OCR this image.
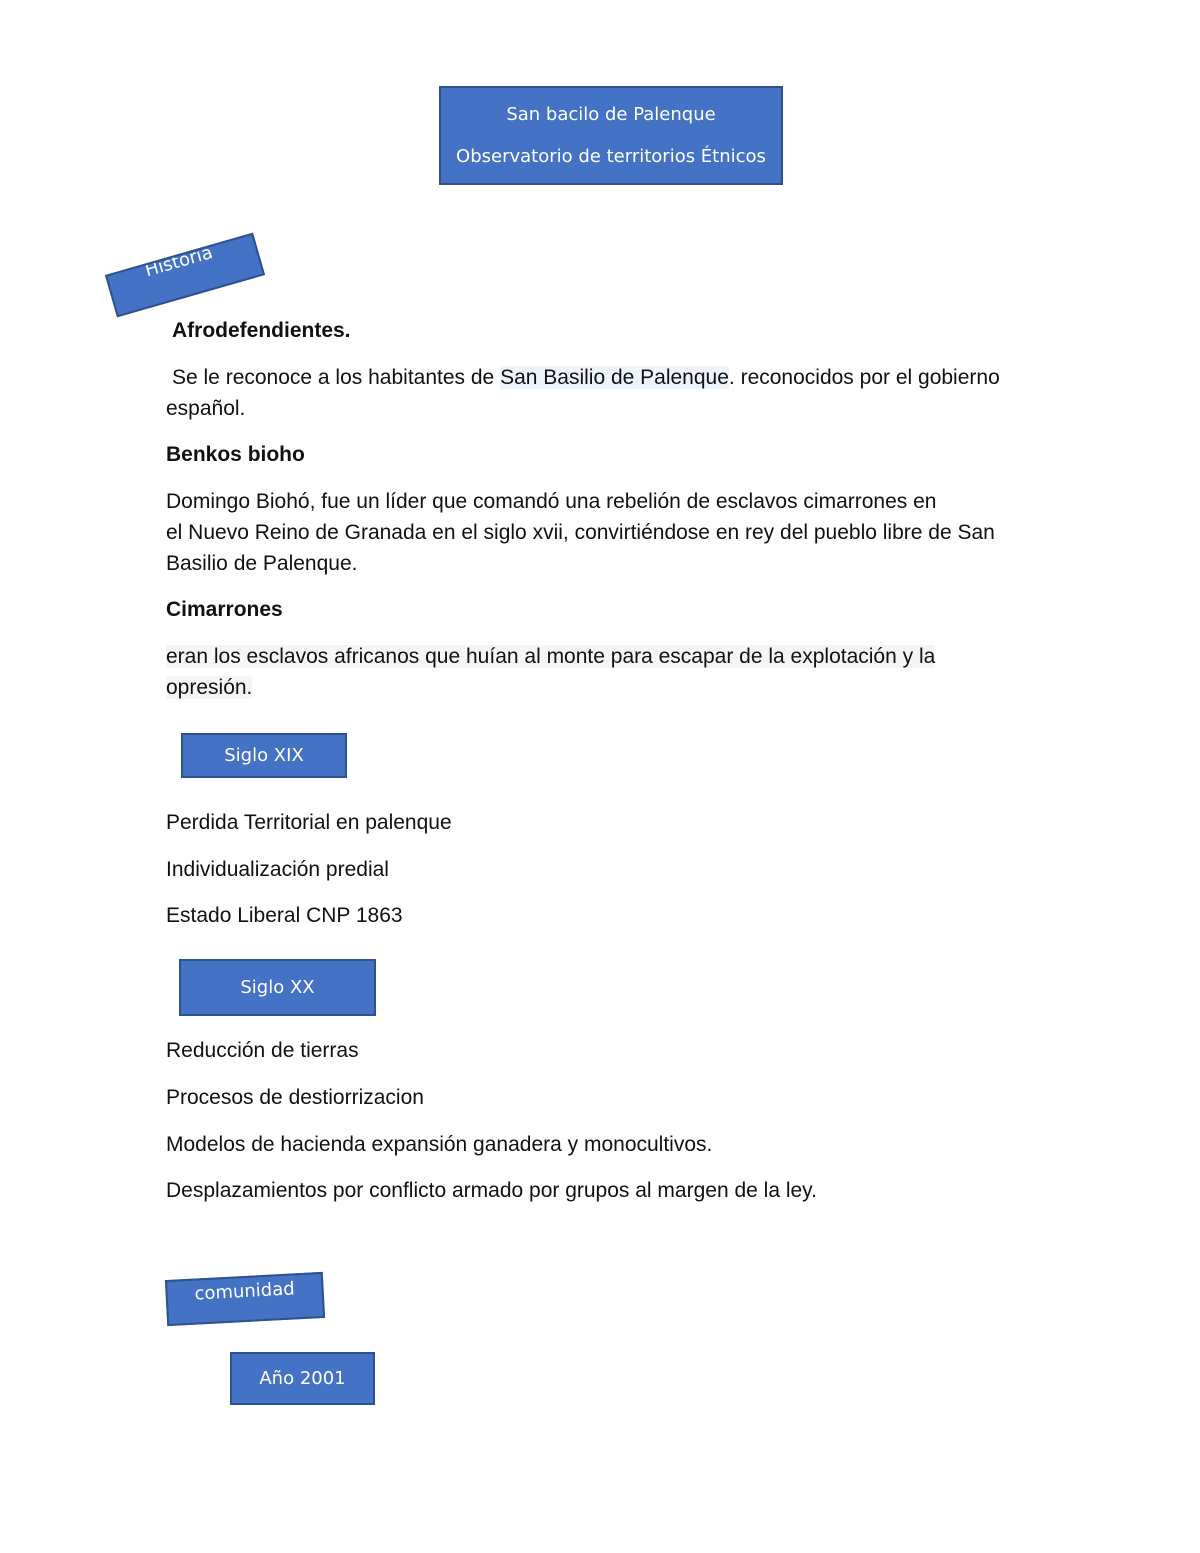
San bacilo de Palenque
Observatorio de territorios Étnicos
Historia
Afrodefendientes.
Se le reconoce a los habitantes de San Basilio de Palenque. reconocidos por el gobierno
español.
Benkos bioho
Domingo Biohó, fue un líder que comandó una rebelión de esclavos cimarrones en
el Nuevo Reino de Granada en el siglo xvii, convirtiéndose en rey del pueblo libre de San
Basilio de Palenque.
Cimarrones
eran los esclavos africanos que huían al monte para escapar de la explotación y la
opresión.
Siglo XIX
Perdida Territorial en palenque
Individualización predial
Estado Liberal CNP 1863
Siglo XX
Reducción de tierras
Procesos de destiorrizacion
Modelos de hacienda expansión ganadera y monocultivos.
Desplazamientos por conflicto armado por grupos al margen de la ley.
comunidad
Año 2001
